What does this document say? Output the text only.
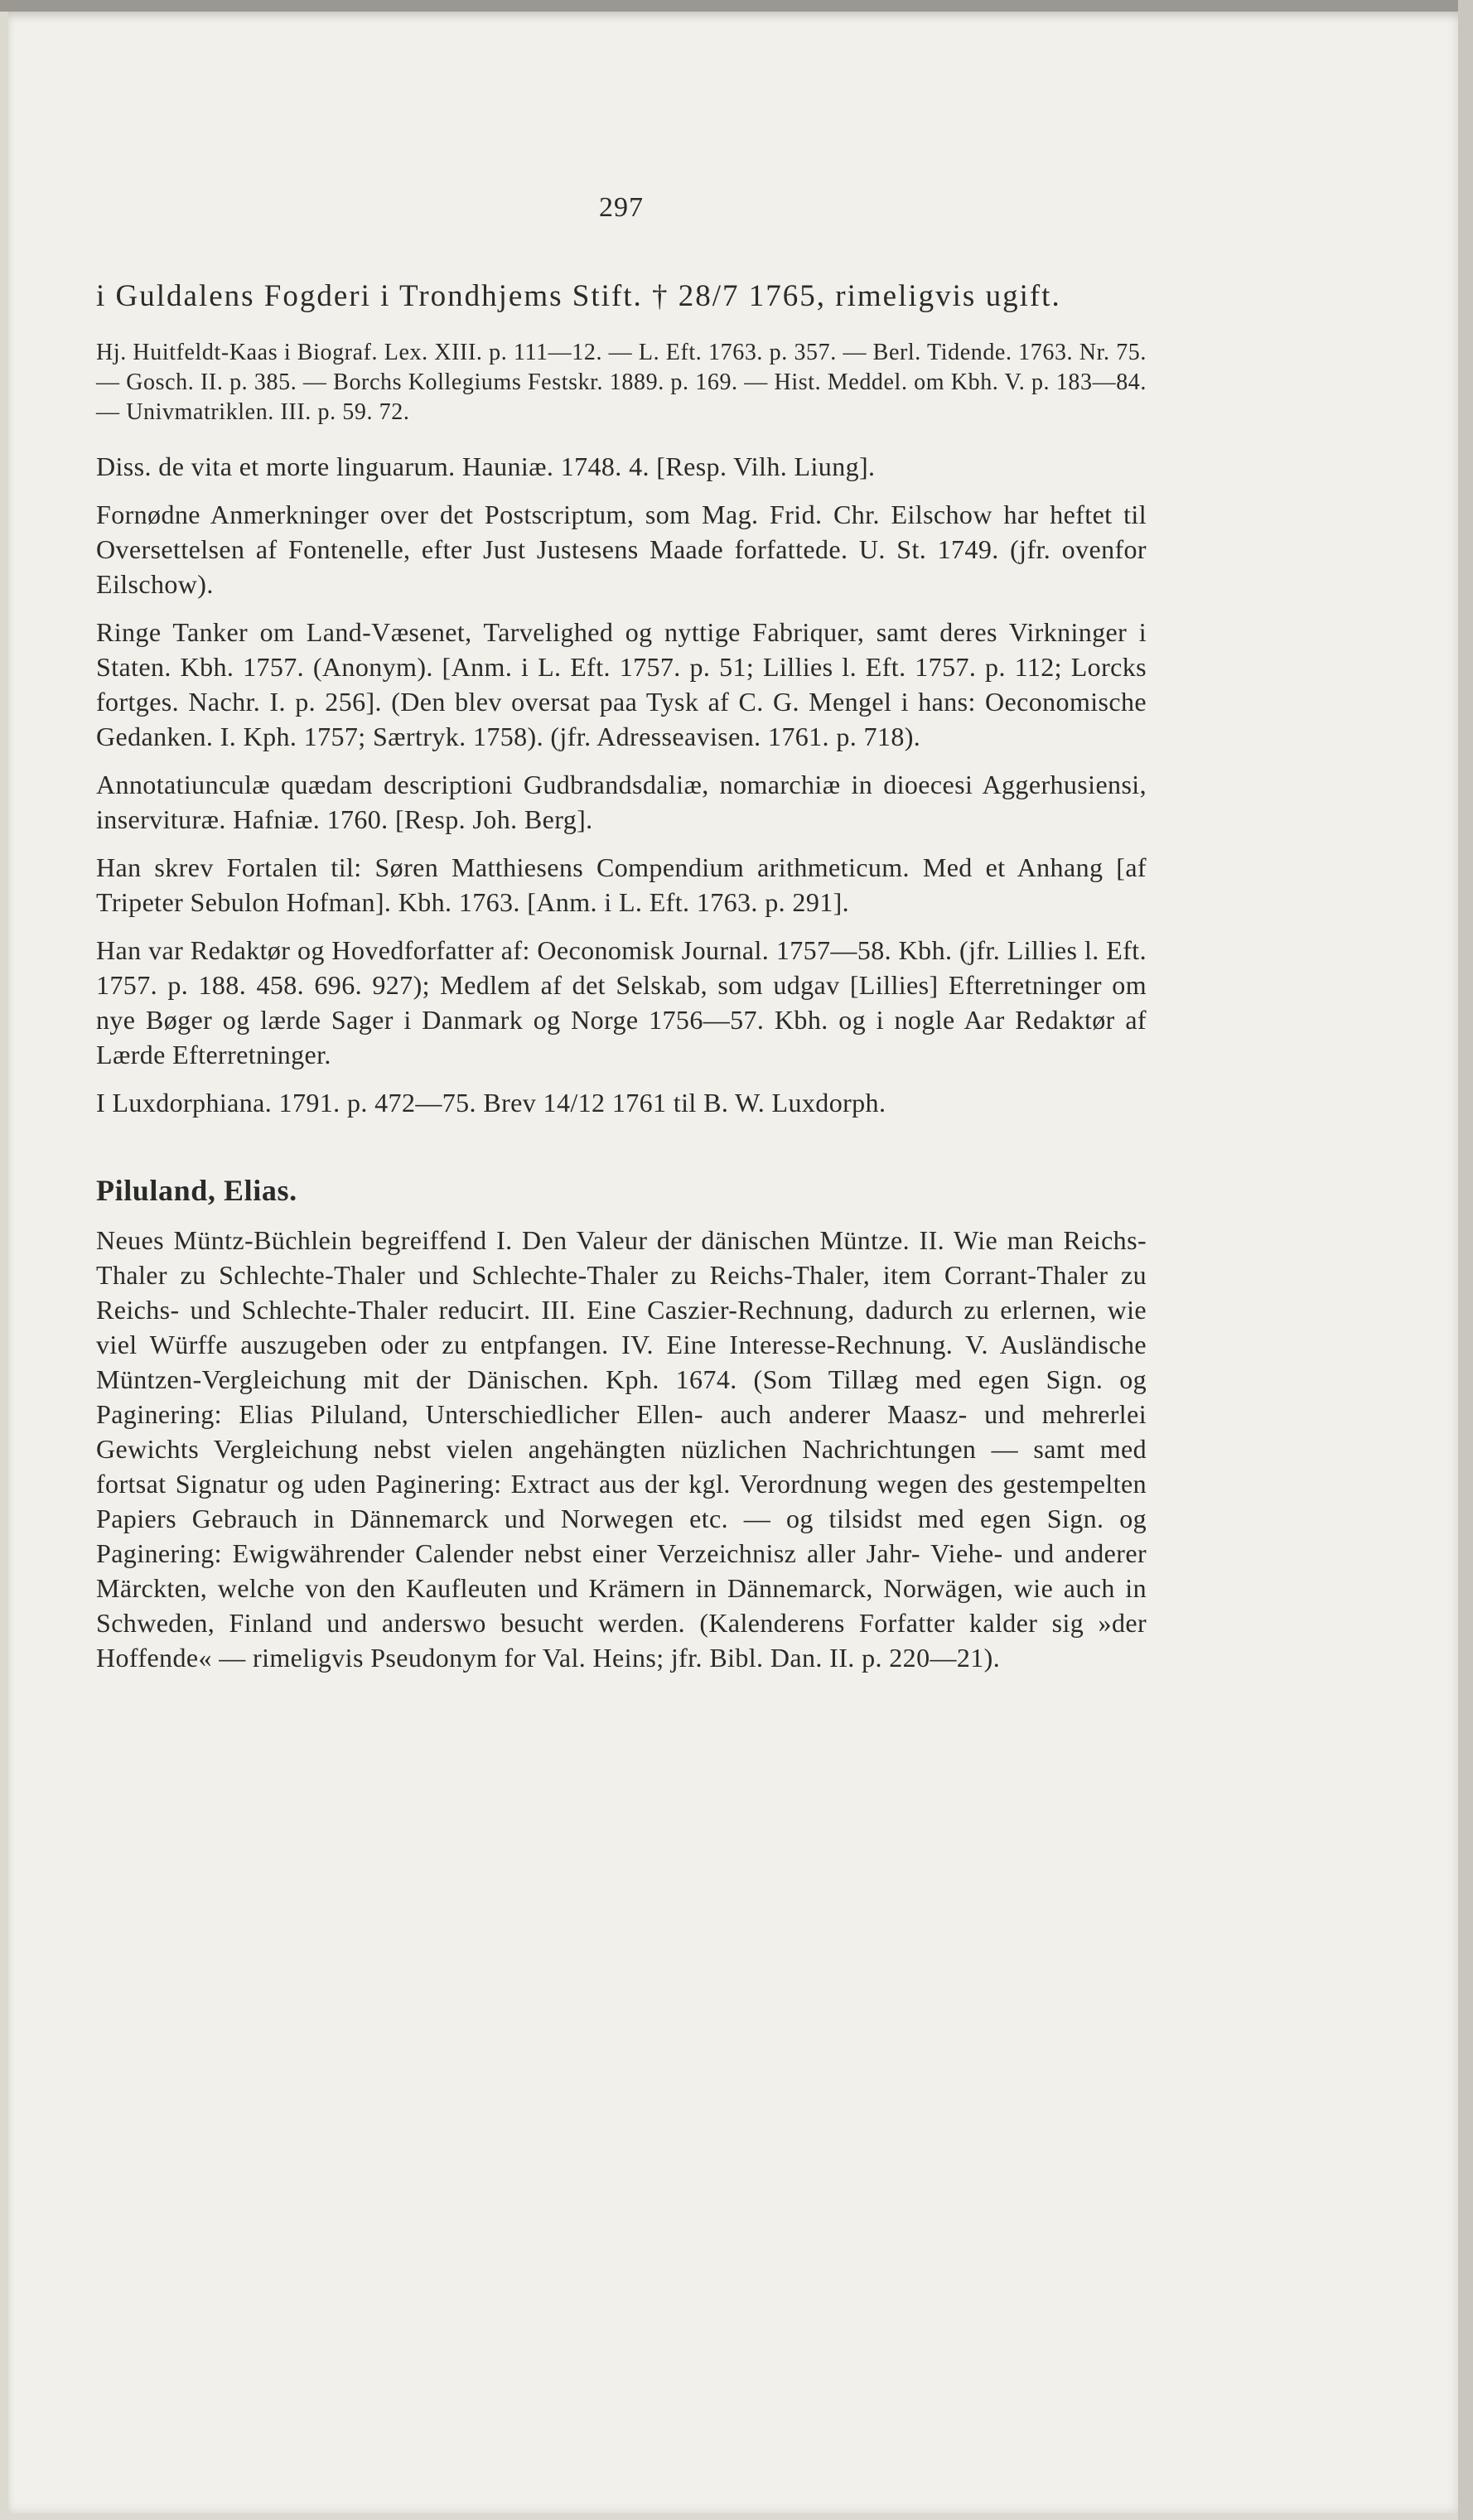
297

i Guldalens Fogderi i Trondhjems Stift. † 28/7 1765, rimeligvis ugift.

Hj. Huitfeldt-Kaas i Biograf. Lex. XIII. p. 111—12. — L. Eft. 1763. p. 357. — Berl. Tidende. 1763. Nr. 75. — Gosch. II. p. 385. — Borchs Kollegiums Festskr. 1889. p. 169. — Hist. Meddel. om Kbh. V. p. 183—84. — Univmatriklen. III. p. 59. 72.

Diss. de vita et morte linguarum. Hauniæ. 1748. 4. [Resp. Vilh. Liung].

Fornødne Anmerkninger over det Postscriptum, som Mag. Frid. Chr. Eilschow har heftet til Oversettelsen af Fontenelle, efter Just Justesens Maade forfattede. U. St. 1749. (jfr. ovenfor Eilschow).

Ringe Tanker om Land-Væsenet, Tarvelighed og nyttige Fabriquer, samt deres Virkninger i Staten. Kbh. 1757. (Anonym). [Anm. i L. Eft. 1757. p. 51; Lillies l. Eft. 1757. p. 112; Lorcks fortges. Nachr. I. p. 256]. (Den blev oversat paa Tysk af C. G. Mengel i hans: Oeconomische Gedanken. I. Kph. 1757; Særtryk. 1758). (jfr. Adresseavisen. 1761. p. 718).

Annotatiunculæ quædam descriptioni Gudbrandsdaliæ, nomarchiæ in dioecesi Aggerhusiensi, inservituræ. Hafniæ. 1760. [Resp. Joh. Berg].

Han skrev Fortalen til: Søren Matthiesens Compendium arithmeticum. Med et Anhang [af Tripeter Sebulon Hofman]. Kbh. 1763. [Anm. i L. Eft. 1763. p. 291].

Han var Redaktør og Hovedforfatter af: Oeconomisk Journal. 1757—58. Kbh. (jfr. Lillies l. Eft. 1757. p. 188. 458. 696. 927); Medlem af det Selskab, som udgav [Lillies] Efterretninger om nye Bøger og lærde Sager i Danmark og Norge 1756—57. Kbh. og i nogle Aar Redaktør af Lærde Efterretninger.

I Luxdorphiana. 1791. p. 472—75. Brev 14/12 1761 til B. W. Luxdorph.

Piluland, Elias.

Neues Müntz-Büchlein begreiffend I. Den Valeur der dänischen Müntze. II. Wie man Reichs-Thaler zu Schlechte-Thaler und Schlechte-Thaler zu Reichs-Thaler, item Corrant-Thaler zu Reichs- und Schlechte-Thaler reducirt. III. Eine Caszier-Rechnung, dadurch zu erlernen, wie viel Würffe auszugeben oder zu entpfangen. IV. Eine Interesse-Rechnung. V. Ausländische Müntzen-Vergleichung mit der Dänischen. Kph. 1674. (Som Tillæg med egen Sign. og Paginering: Elias Piluland, Unterschiedlicher Ellen- auch anderer Maasz- und mehrerlei Gewichts Vergleichung nebst vielen angehängten nüzlichen Nachrichtungen — samt med fortsat Signatur og uden Paginering: Extract aus der kgl. Verordnung wegen des gestempelten Papiers Gebrauch in Dännemarck und Norwegen etc. — og tilsidst med egen Sign. og Paginering: Ewigwährender Calender nebst einer Verzeichnisz aller Jahr- Viehe- und anderer Märckten, welche von den Kaufleuten und Krämern in Dännemarck, Norwägen, wie auch in Schweden, Finland und anderswo besucht werden. (Kalenderens Forfatter kalder sig »der Hoffende« — rimeligvis Pseudonym for Val. Heins; jfr. Bibl. Dan. II. p. 220—21).
